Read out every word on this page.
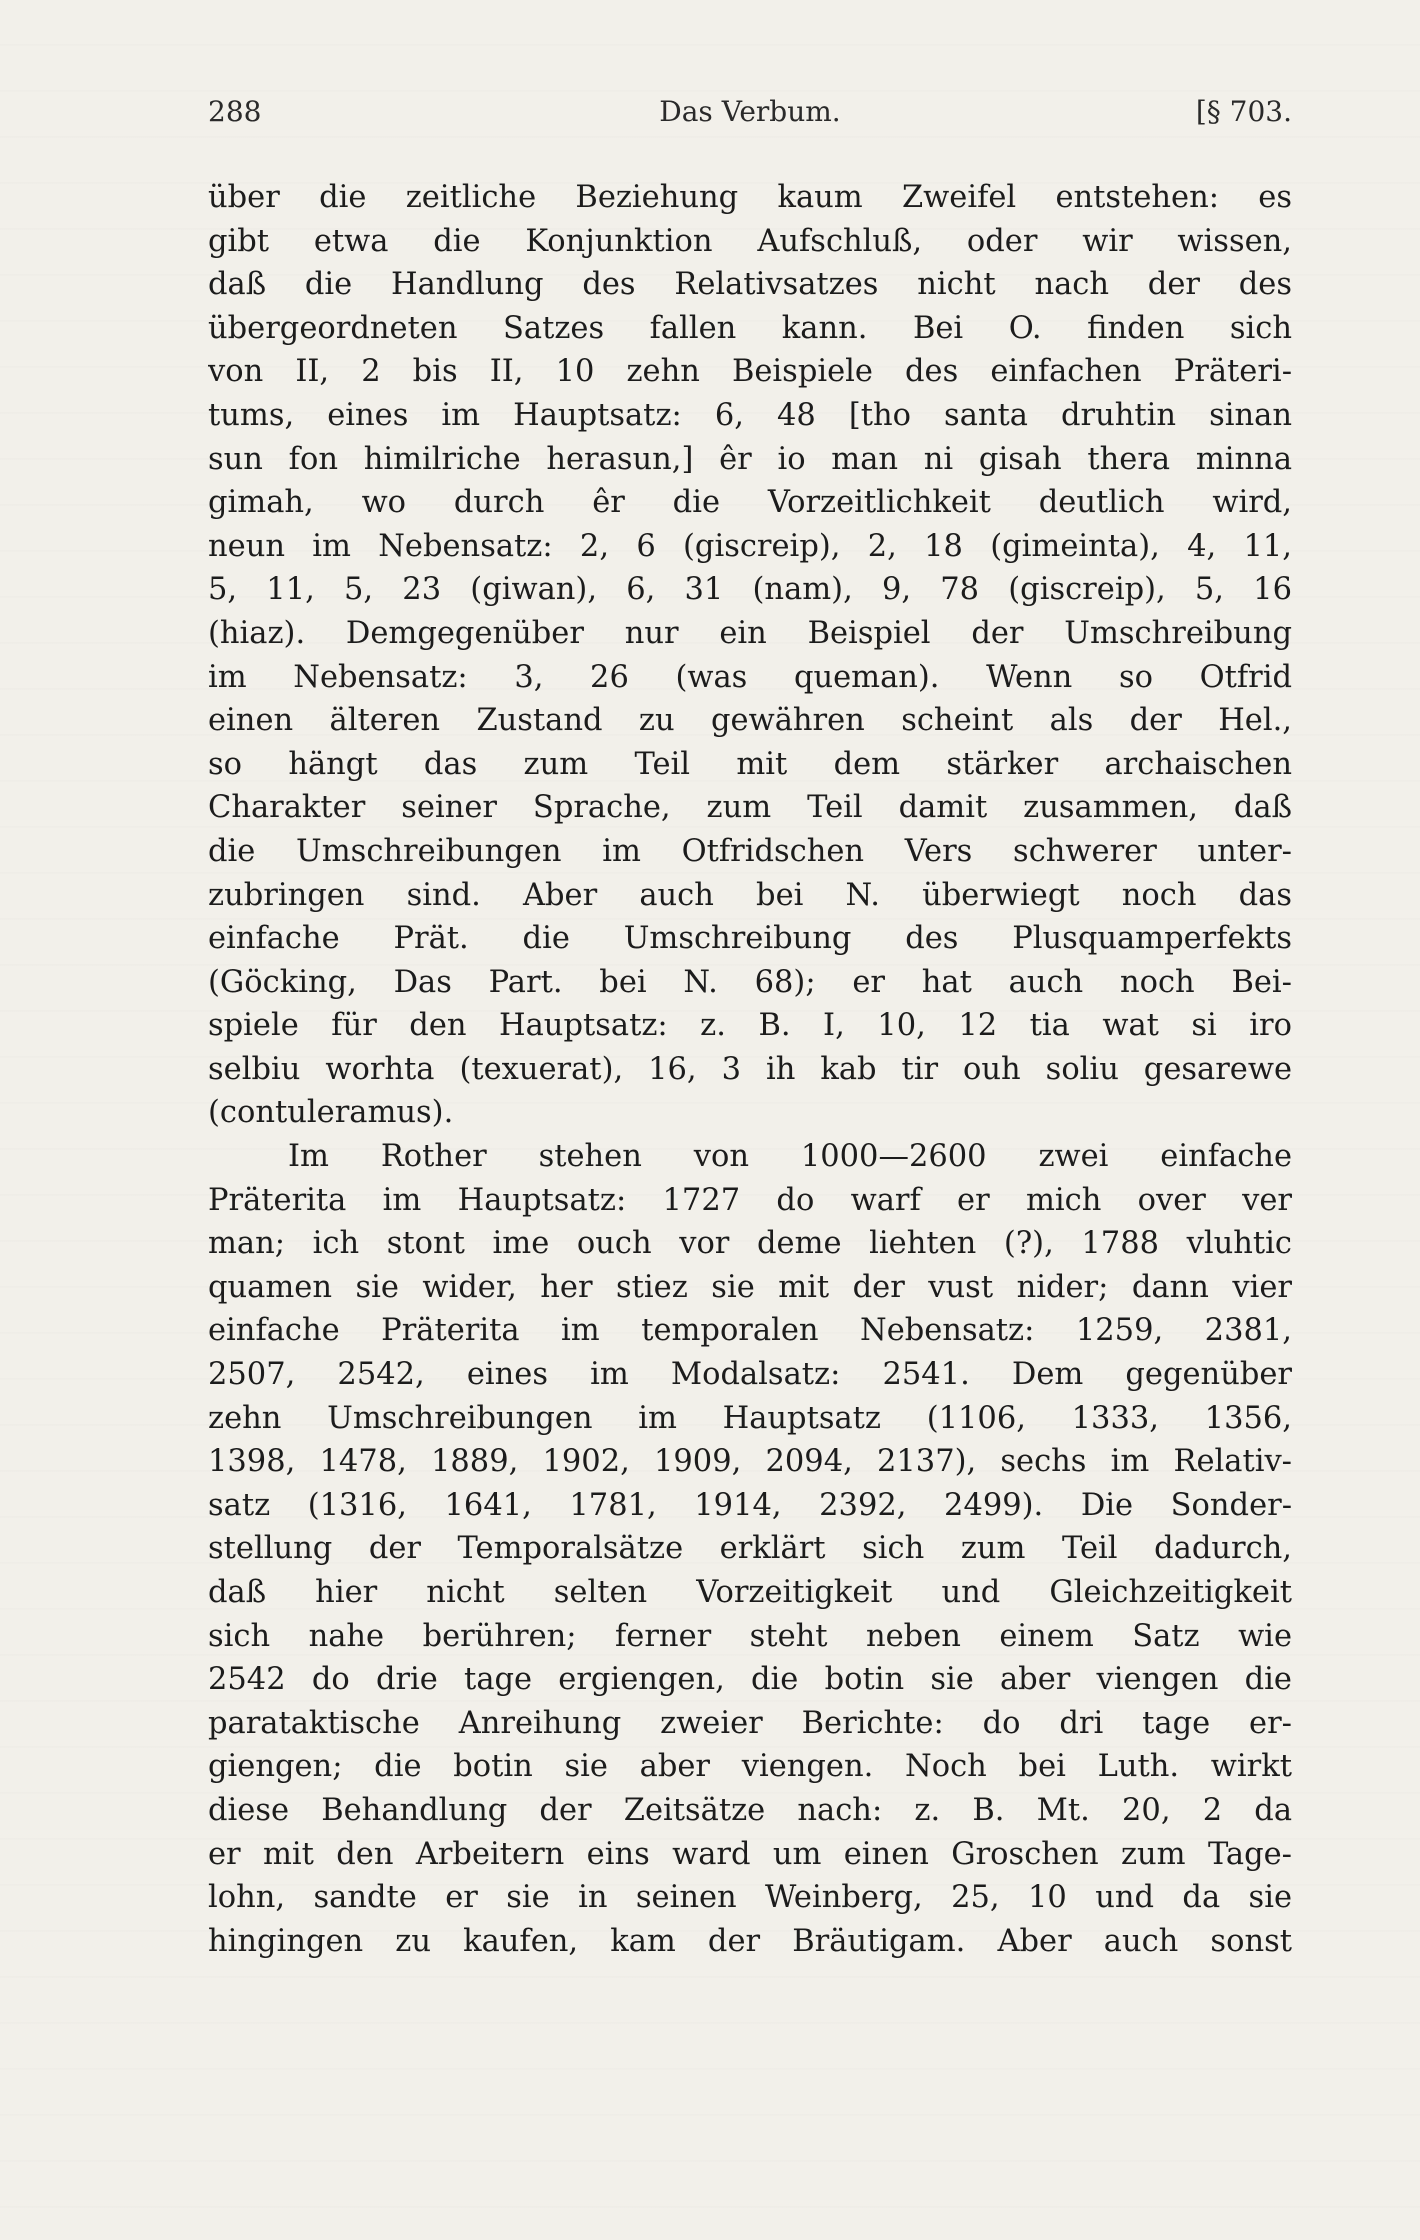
288	Das Verbum.	[§ 703.
über die zeitliche Beziehung kaum Zweifel entstehen: es
gibt etwa die Konjunktion Aufschluß, oder wir wissen,
daß die Handlung des Relativsatzes nicht nach der des
übergeordneten Satzes fallen kann. Bei O. finden sich
von II, 2 bis II, 10 zehn Beispiele des einfachen Präteri-
tums, eines im Hauptsatz: 6, 48 [tho santa druhtin sinan
sun fon himilriche herasun,] êr io man ni gisah thera minna
gimah, wo durch êr die Vorzeitlichkeit deutlich wird,
neun im Nebensatz: 2, 6 (giscreip), 2, 18 (gimeinta), 4, 11,
5, 11, 5, 23 (giwan), 6, 31 (nam), 9, 78 (giscreip), 5, 16
(hiaz). Demgegenüber nur ein Beispiel der Umschreibung
im Nebensatz: 3, 26 (was queman). Wenn so Otfrid
einen älteren Zustand zu gewähren scheint als der Hel.,
so hängt das zum Teil mit dem stärker archaischen
Charakter seiner Sprache, zum Teil damit zusammen, daß
die Umschreibungen im Otfridschen Vers schwerer unter-
zubringen sind. Aber auch bei N. überwiegt noch das
einfache Prät. die Umschreibung des Plusquamperfekts
(Göcking, Das Part. bei N. 68); er hat auch noch Bei-
spiele für den Hauptsatz: z. B. I, 10, 12 tia wat si iro
selbiu worhta (texuerat), 16, 3 ih kab tir ouh soliu gesarewe
(contuleramus).
Im Rother stehen von 1000—2600 zwei einfache
Präterita im Hauptsatz: 1727 do warf er mich over ver
man; ich stont ime ouch vor deme liehten (?), 1788 vluhtic
quamen sie wider, her stiez sie mit der vust nider; dann vier
einfache Präterita im temporalen Nebensatz: 1259, 2381,
2507, 2542, eines im Modalsatz: 2541. Dem gegenüber
zehn Umschreibungen im Hauptsatz (1106, 1333, 1356,
1398, 1478, 1889, 1902, 1909, 2094, 2137), sechs im Relativ-
satz (1316, 1641, 1781, 1914, 2392, 2499). Die Sonder-
stellung der Temporalsätze erklärt sich zum Teil dadurch,
daß hier nicht selten Vorzeitigkeit und Gleichzeitigkeit
sich nahe berühren; ferner steht neben einem Satz wie
2542 do drie tage ergiengen, die botin sie aber viengen die
parataktische Anreihung zweier Berichte: do dri tage er-
giengen; die botin sie aber viengen. Noch bei Luth. wirkt
diese Behandlung der Zeitsätze nach: z. B. Mt. 20, 2 da
er mit den Arbeitern eins ward um einen Groschen zum Tage-
lohn, sandte er sie in seinen Weinberg, 25, 10 und da sie
hingingen zu kaufen, kam der Bräutigam. Aber auch sonst
